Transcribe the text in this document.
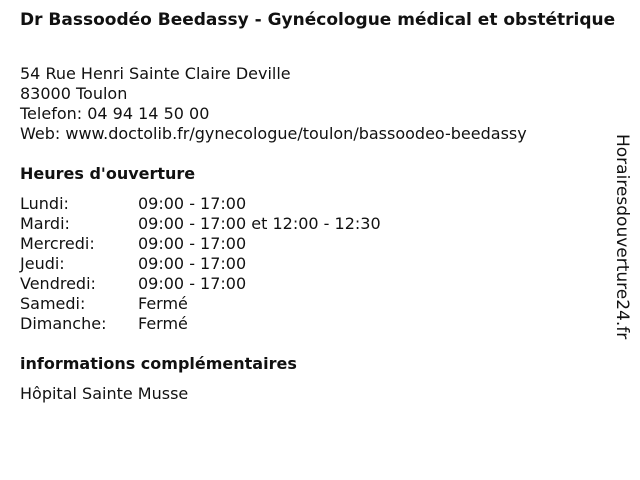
Dr Bassoodéo Beedassy - Gynécologue médical et obstétrique
54 Rue Henri Sainte Claire Deville
83000 Toulon
Telefon: 04 94 14 50 00
Web: www.doctolib.fr/gynecologue/toulon/bassoodeo-beedassy
Heures d'ouverture
Lundi:	09:00 - 17:00
Mardi:	09:00 - 17:00 et 12:00 - 12:30
Mercredi:	09:00 - 17:00
Jeudi:	09:00 - 17:00
Vendredi:	09:00 - 17:00
Samedi:	Fermé
Dimanche:	Fermé
informations complémentaires
Hôpital Sainte Musse
Horairesdouverture24.fr
